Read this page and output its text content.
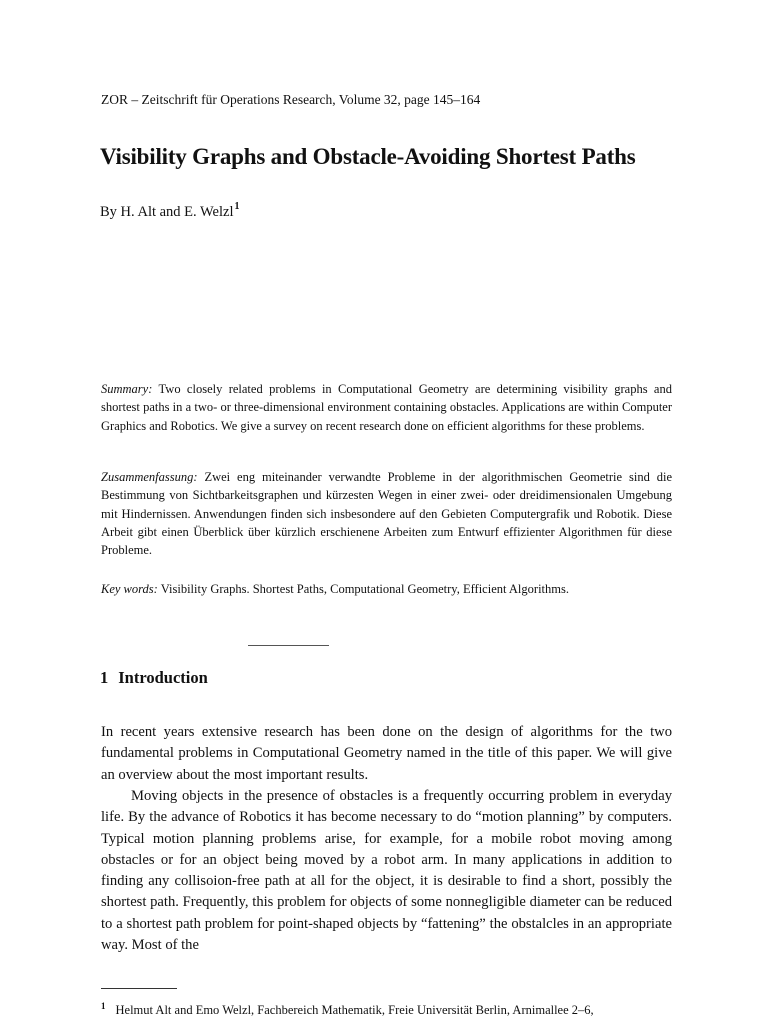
ZOR – Zeitschrift für Operations Research, Volume 32, page 145–164
Visibility Graphs and Obstacle-Avoiding Shortest Paths
By H. Alt and E. Welzl$^1$
Summary: Two closely related problems in Computational Geometry are determining visibility graphs and shortest paths in a two- or three-dimensional environment containing obstacles. Applications are within Computer Graphics and Robotics. We give a survey on recent research done on efficient algorithms for these problems.
Zusammenfassung: Zwei eng miteinander verwandte Probleme in der algorithmischen Geometrie sind die Bestimmung von Sichtbarkeitsgraphen und kürzesten Wegen in einer zwei- oder dreidimensionalen Umgebung mit Hindernissen. Anwendungen finden sich insbesondere auf den Gebieten Computergrafik und Robotik. Diese Arbeit gibt einen Überblick über kürzlich erschienene Arbeiten zum Entwurf effizienter Algorithmen für diese Probleme.
Key words: Visibility Graphs. Shortest Paths, Computational Geometry, Efficient Algorithms.
1 Introduction
In recent years extensive research has been done on the design of algorithms for the two fundamental problems in Computational Geometry named in the title of this paper. We will give an overview about the most important results.
Moving objects in the presence of obstacles is a frequently occurring problem in everyday life. By the advance of Robotics it has become necessary to do “motion planning” by computers. Typical motion planning problems arise, for example, for a mobile robot moving among obstacles or for an object being moved by a robot arm. In many applications in addition to finding any collisoion-free path at all for the object, it is desirable to find a short, possibly the shortest path. Frequently, this problem for objects of some nonnegligible diameter can be reduced to a shortest path problem for point-shaped objects by “fattening” the obstalcles in an appropriate way. Most of the
$^1$ Helmut Alt and Emo Welzl, Fachbereich Mathematik, Freie Universität Berlin, Arnimallee 2–6,
